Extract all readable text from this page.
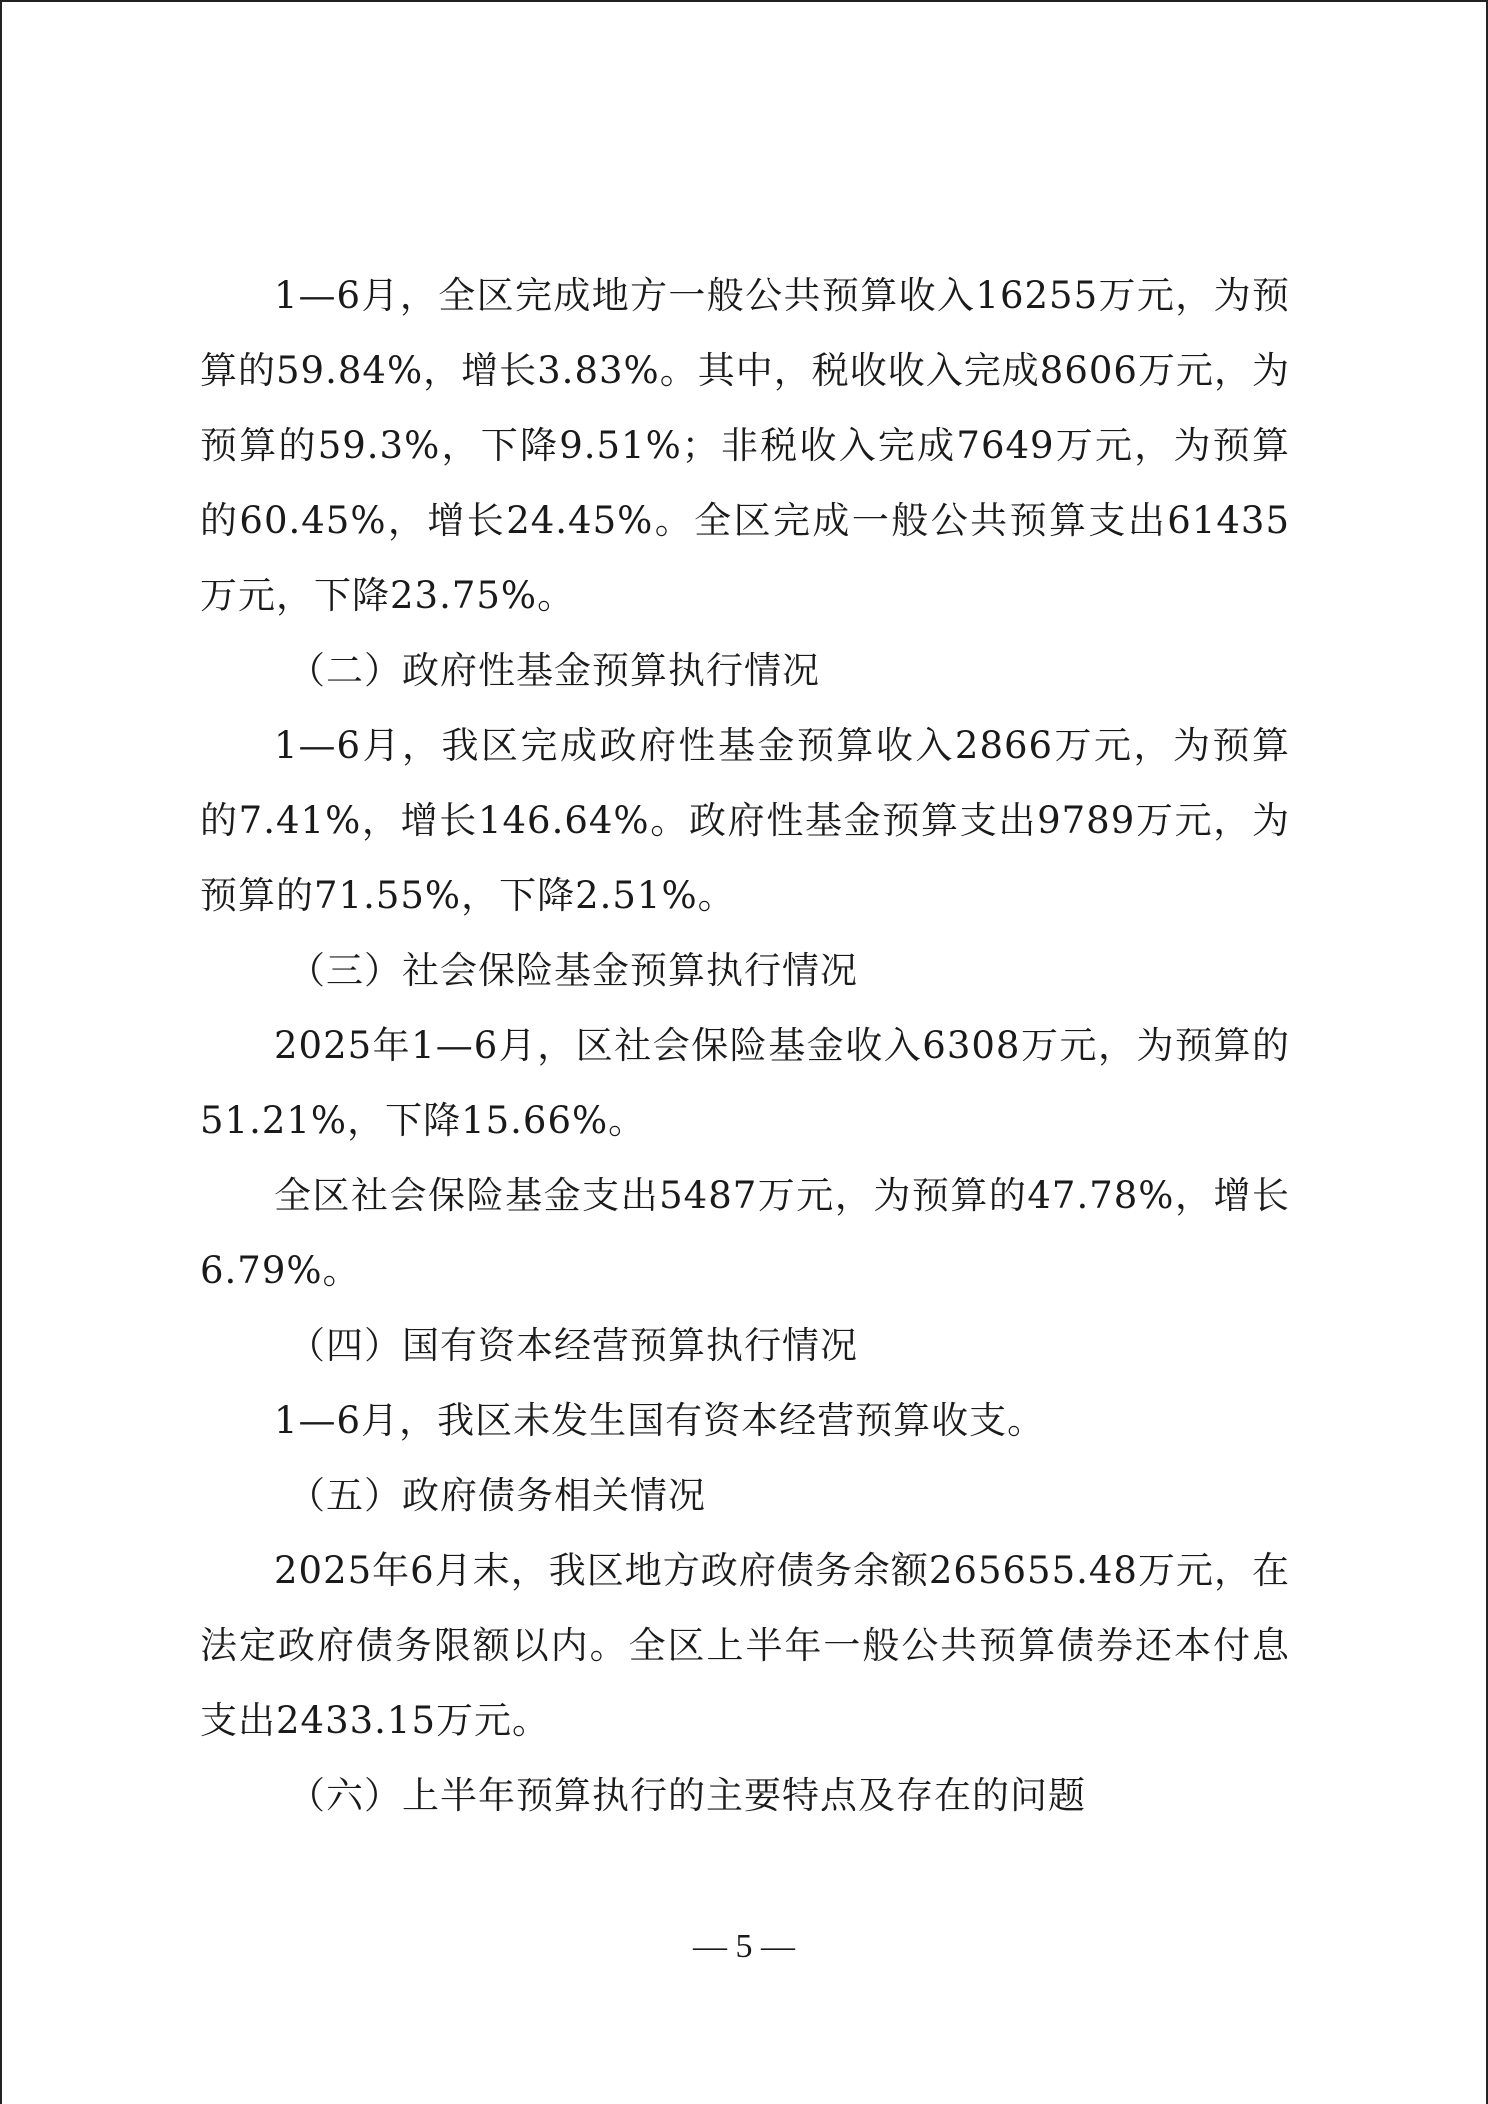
1—6月，全区完成地方一般公共预算收入16255万元，为预算的59.84%，增长3.83%。其中，税收收入完成8606万元，为预算的59.3%，下降9.51%；非税收入完成7649万元，为预算的60.45%，增长24.45%。全区完成一般公共预算支出61435万元，下降23.75%。

（二）政府性基金预算执行情况

1—6月，我区完成政府性基金预算收入2866万元，为预算的7.41%，增长146.64%。政府性基金预算支出9789万元，为预算的71.55%，下降2.51%。

（三）社会保险基金预算执行情况

2025年1—6月，区社会保险基金收入6308万元，为预算的51.21%，下降15.66%。

全区社会保险基金支出5487万元，为预算的47.78%，增长6.79%。

（四）国有资本经营预算执行情况

1—6月，我区未发生国有资本经营预算收支。

（五）政府债务相关情况

2025年6月末，我区地方政府债务余额265655.48万元，在法定政府债务限额以内。全区上半年一般公共预算债券还本付息支出2433.15万元。

（六）上半年预算执行的主要特点及存在的问题

— 5 —
